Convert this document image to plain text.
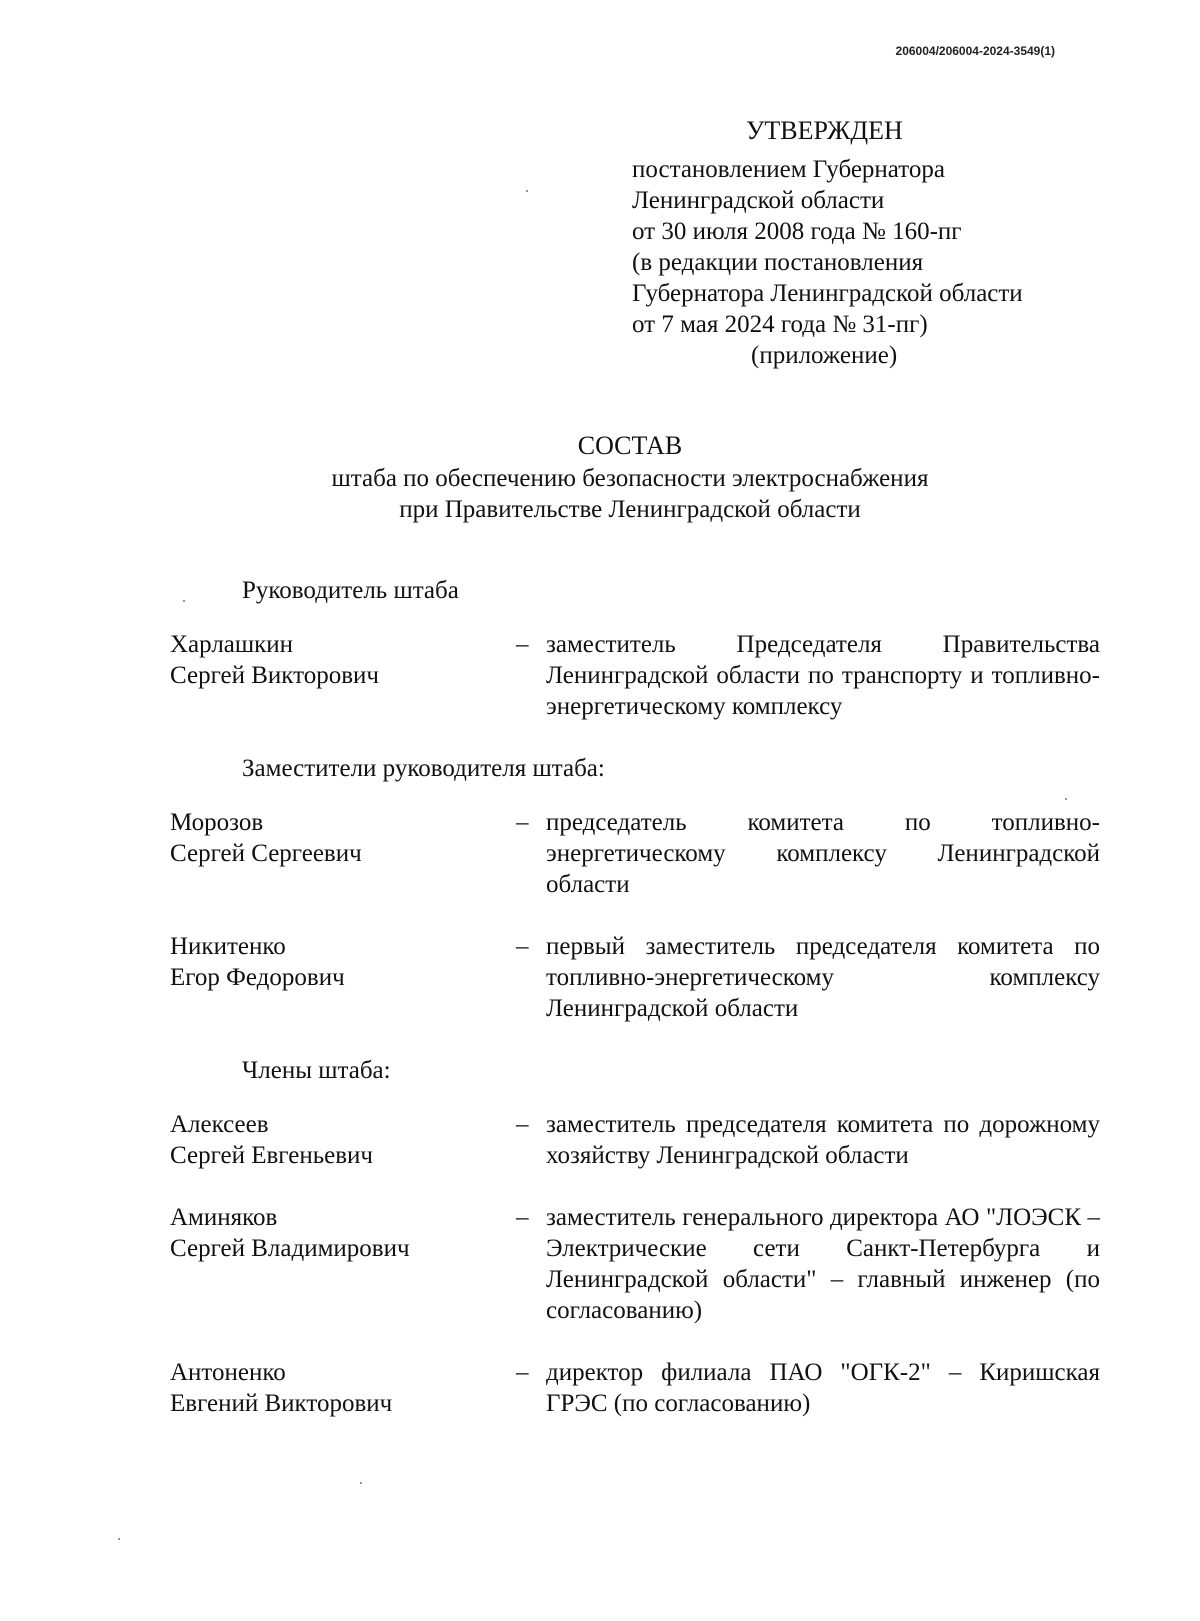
206004/206004-2024-3549(1)
УТВЕРЖДЕН
постановлением Губернатора
Ленинградской области
от 30 июля 2008 года № 160-пг
(в редакции постановления
Губернатора Ленинградской области
от 7 мая 2024 года № 31-пг)
(приложение)
СОСТАВ
штаба по обеспечению безопасности электроснабжения
при Правительстве Ленинградской области
Руководитель штаба
Харлашкин
Сергей Викторович
– заместитель Председателя Правительства Ленинградской области по транспорту и топливно-энергетическому комплексу
Заместители руководителя штаба:
Морозов
Сергей Сергеевич
– председатель комитета по топливно-энергетическому комплексу Ленинградской области
Никитенко
Егор Федорович
– первый заместитель председателя комитета по топливно-энергетическому комплексу Ленинградской области
Члены штаба:
Алексеев
Сергей Евгеньевич
– заместитель председателя комитета по дорожному хозяйству Ленинградской области
Аминяков
Сергей Владимирович
– заместитель генерального директора АО "ЛОЭСК – Электрические сети Санкт-Петербурга и Ленинградской области" – главный инженер (по согласованию)
Антоненко
Евгений Викторович
– директор филиала ПАО "ОГК-2" – Киришская ГРЭС (по согласованию)
